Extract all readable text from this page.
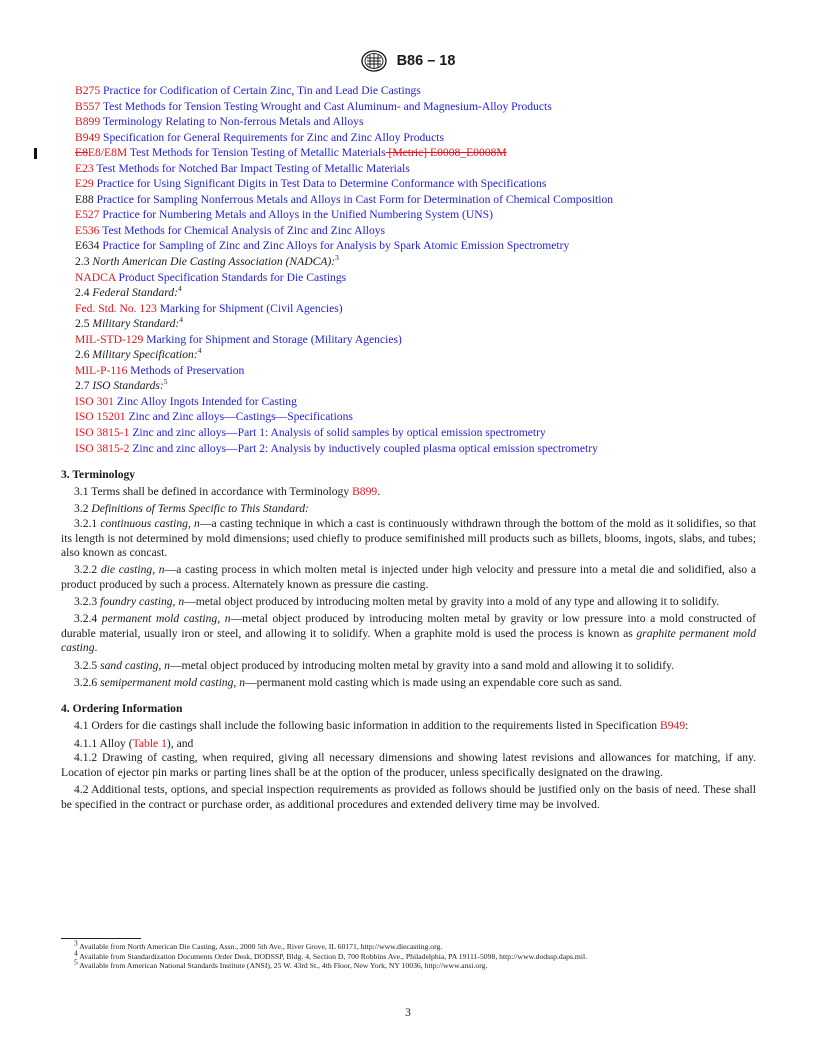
B86 – 18
B275 Practice for Codification of Certain Zinc, Tin and Lead Die Castings
B557 Test Methods for Tension Testing Wrought and Cast Aluminum- and Magnesium-Alloy Products
B899 Terminology Relating to Non-ferrous Metals and Alloys
B949 Specification for General Requirements for Zinc and Zinc Alloy Products
E8E8/E8M Test Methods for Tension Testing of Metallic Materials [Metric] E0008_E0008M
E23 Test Methods for Notched Bar Impact Testing of Metallic Materials
E29 Practice for Using Significant Digits in Test Data to Determine Conformance with Specifications
E88 Practice for Sampling Nonferrous Metals and Alloys in Cast Form for Determination of Chemical Composition
E527 Practice for Numbering Metals and Alloys in the Unified Numbering System (UNS)
E536 Test Methods for Chemical Analysis of Zinc and Zinc Alloys
E634 Practice for Sampling of Zinc and Zinc Alloys for Analysis by Spark Atomic Emission Spectrometry
2.3 North American Die Casting Association (NADCA):$^3$
NADCA Product Specification Standards for Die Castings
2.4 Federal Standard:$^4$
Fed. Std. No. 123 Marking for Shipment (Civil Agencies)
2.5 Military Standard:$^4$
MIL-STD-129 Marking for Shipment and Storage (Military Agencies)
2.6 Military Specification:$^4$
MIL-P-116 Methods of Preservation
2.7 ISO Standards:$^5$
ISO 301 Zinc Alloy Ingots Intended for Casting
ISO 15201 Zinc and Zinc alloys—Castings—Specifications
ISO 3815-1 Zinc and zinc alloys—Part 1: Analysis of solid samples by optical emission spectrometry
ISO 3815-2 Zinc and zinc alloys—Part 2: Analysis by inductively coupled plasma optical emission spectrometry
3. Terminology
3.1 Terms shall be defined in accordance with Terminology B899.
3.2 Definitions of Terms Specific to This Standard:
3.2.1 continuous casting, n—a casting technique in which a cast is continuously withdrawn through the bottom of the mold as it solidifies, so that its length is not determined by mold dimensions; used chiefly to produce semifinished mill products such as billets, blooms, ingots, slabs, and tubes; also known as concast.
3.2.2 die casting, n—a casting process in which molten metal is injected under high velocity and pressure into a metal die and solidified, also a product produced by such a process. Alternately known as pressure die casting.
3.2.3 foundry casting, n—metal object produced by introducing molten metal by gravity into a mold of any type and allowing it to solidify.
3.2.4 permanent mold casting, n—metal object produced by introducing molten metal by gravity or low pressure into a mold constructed of durable material, usually iron or steel, and allowing it to solidify. When a graphite mold is used the process is known as graphite permanent mold casting.
3.2.5 sand casting, n—metal object produced by introducing molten metal by gravity into a sand mold and allowing it to solidify.
3.2.6 semipermanent mold casting, n—permanent mold casting which is made using an expendable core such as sand.
4. Ordering Information
4.1 Orders for die castings shall include the following basic information in addition to the requirements listed in Specification B949:
4.1.1 Alloy (Table 1), and
4.1.2 Drawing of casting, when required, giving all necessary dimensions and showing latest revisions and allowances for matching, if any. Location of ejector pin marks or parting lines shall be at the option of the producer, unless specifically designated on the drawing.
4.2 Additional tests, options, and special inspection requirements as provided as follows should be justified only on the basis of need. These shall be specified in the contract or purchase order, as additional procedures and extended delivery time may be involved.
$^3$ Available from North American Die Casting, Assn., 2000 5th Ave., River Grove, IL 60171, http://www.diecasting.org.
$^4$ Available from Standardization Documents Order Desk, DODSSP, Bldg. 4, Section D, 700 Robbins Ave., Philadelphia, PA 19111-5098, http://www.dodssp.daps.mil.
$^5$ Available from American National Standards Institute (ANSI), 25 W. 43rd St., 4th Floor, New York, NY 10036, http://www.ansi.org.
3
